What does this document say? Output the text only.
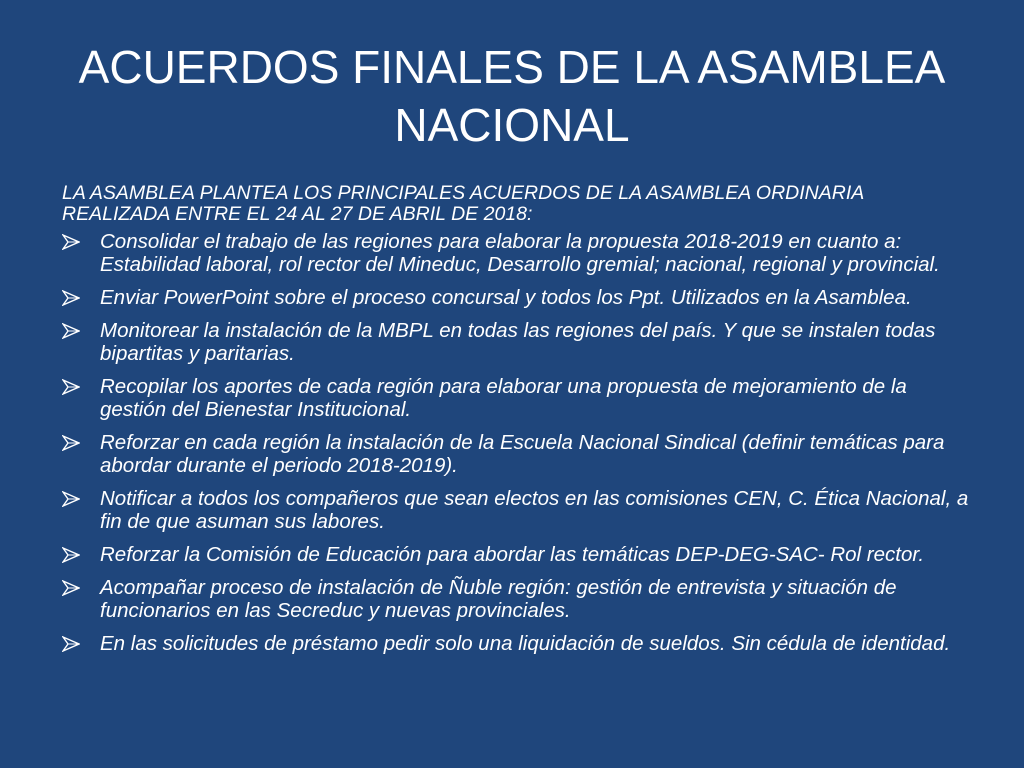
ACUERDOS FINALES DE LA ASAMBLEA NACIONAL

LA ASAMBLEA PLANTEA LOS PRINCIPALES ACUERDOS DE LA ASAMBLEA ORDINARIA REALIZADA ENTRE EL 24 AL 27 DE ABRIL DE 2018:

Consolidar el trabajo de las regiones para elaborar la propuesta 2018-2019 en cuanto a: Estabilidad laboral, rol rector del Mineduc, Desarrollo gremial; nacional, regional y provincial.
Enviar PowerPoint sobre el proceso concursal y todos los Ppt. Utilizados en la Asamblea.
Monitorear la instalación de la MBPL en todas las regiones del país. Y que se instalen todas bipartitas y paritarias.
Recopilar los aportes de cada región para elaborar una propuesta de mejoramiento de la gestión del Bienestar Institucional.
Reforzar en cada región la instalación de la Escuela Nacional Sindical (definir temáticas para abordar durante el periodo 2018-2019).
Notificar a todos los compañeros que sean electos en las comisiones CEN, C. Ética Nacional, a fin de que asuman sus labores.
Reforzar la Comisión de Educación para abordar las temáticas DEP-DEG-SAC- Rol rector.
Acompañar proceso de instalación de Ñuble región: gestión de entrevista y situación de funcionarios en las Secreduc y nuevas provinciales.
En las solicitudes de préstamo pedir solo una liquidación de sueldos. Sin cédula de identidad.
